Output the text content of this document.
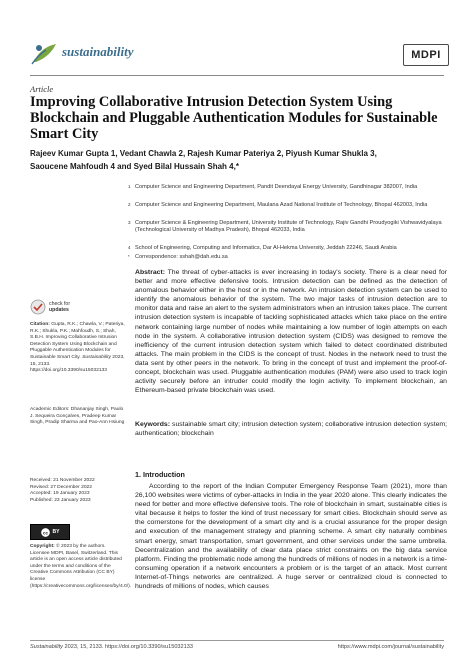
sustainability	MDPI
Article
Improving Collaborative Intrusion Detection System Using Blockchain and Pluggable Authentication Modules for Sustainable Smart City
Rajeev Kumar Gupta 1, Vedant Chawla 2, Rajesh Kumar Pateriya 2, Piyush Kumar Shukla 3,
Saoucene Mahfoudh 4 and Syed Bilal Hussain Shah 4,*
1 Computer Science and Engineering Department, Pandit Deendayal Energy University, Gandhinagar 382007, India
2 Computer Science and Engineering Department, Maulana Azad National Institute of Technology, Bhopal 462003, India
3 Computer Science & Engineering Department, University Institute of Technology, Rajiv Gandhi Proudyogiki Vishwavidyalaya (Technological University of Madhya Pradesh), Bhopal 462033, India
4 School of Engineering, Computing and Informatics, Dar Al-Hekma University, Jeddah 22246, Saudi Arabia
* Correspondence: sshah@dah.edu.sa
Abstract: The threat of cyber-attacks is ever increasing in today's society. There is a clear need for better and more effective defensive tools. Intrusion detection can be defined as the detection of anomalous behavior either in the host or in the network. An intrusion detection system can be used to identify the anomalous behavior of the system. The two major tasks of intrusion detection are to monitor data and raise an alert to the system administrators when an intrusion takes place. The current intrusion detection system is incapable of tackling sophisticated attacks which take place on the entire network containing large number of nodes while maintaining a low number of login attempts on each node in the system. A collaborative intrusion detection system (CIDS) was designed to remove the inefficiency of the current intrusion detection system which failed to detect coordinated distributed attacks. The main problem in the CIDS is the concept of trust. Nodes in the network need to trust the data sent by other peers in the network. To bring in the concept of trust and implement the proof-of-concept, blockchain was used. Pluggable authentication modules (PAM) were also used to track login activity securely before an intruder could modify the login activity. To implement blockchain, an Ethereum-based private blockchain was used.
Keywords: sustainable smart city; intrusion detection system; collaborative intrusion detection system; authentication; blockchain
1. Introduction
According to the report of the Indian Computer Emergency Response Team (2021), more than 26,100 websites were victims of cyber-attacks in India in the year 2020 alone. This clearly indicates the need for better and more effective defensive tools. The role of blockchain in smart, sustainable cities is vital because it helps to foster the kind of trust necessary for smart cities. Blockchain should serve as the cornerstone for the development of a smart city and is a crucial assurance for the proper design and execution of the management strategy and planning scheme. A smart city naturally combines smart energy, smart transportation, smart government, and other services under the same umbrella. Decentralization and the availability of clear data place strict constraints on the big data service platform. Finding the problematic node among the hundreds of millions of nodes in a network is a time-consuming operation if a network encounters a problem or is the target of an attack. Most current Internet-of-Things networks are centralized. A huge server or centralized cloud is connected to hundreds of millions of nodes, which causes
check for
updates
Citation: Gupta, R.K.; Chawla, V.; Pateriya, R.K.; Shukla, P.K.; Mahfoudh, S.; Shah, S.B.H. Improving Collaborative Intrusion Detection System Using Blockchain and Pluggable Authentication Modules for Sustainable Smart City. Sustainability 2023, 15, 2133. https://doi.org/10.3390/su15032133
Academic Editors: Dhananjay Singh, Paulo J. Sequeira Gonçalves, Pradeep Kumar Singh, Pradip Sharma and Pao-Ann Hsiung
Received: 21 November 2022
Revised: 27 December 2022
Accepted: 19 January 2023
Published: 23 January 2023
cc BY
Copyright: © 2023 by the authors. Licensee MDPI, Basel, Switzerland. This article is an open access article distributed under the terms and conditions of the Creative Commons Attribution (CC BY) license (https://creativecommons.org/licenses/by/4.0/).
Sustainability 2023, 15, 2133. https://doi.org/10.3390/su15032133	https://www.mdpi.com/journal/sustainability
